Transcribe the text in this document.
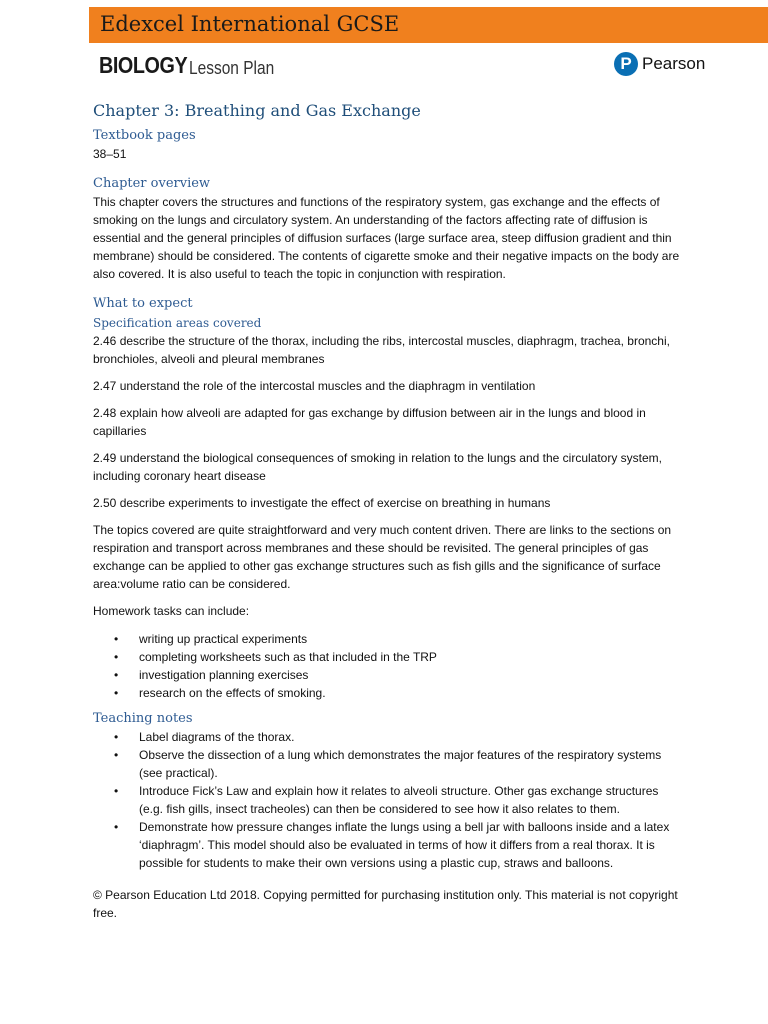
Edexcel International GCSE
BIOLOGY Lesson Plan	P Pearson
Chapter 3: Breathing and Gas Exchange
Textbook pages

38–51

Chapter overview

This chapter covers the structures and functions of the respiratory system, gas exchange and the effects of smoking on the lungs and circulatory system. An understanding of the factors affecting rate of diffusion is essential and the general principles of diffusion surfaces (large surface area, steep diffusion gradient and thin membrane) should be considered. The contents of cigarette smoke and their negative impacts on the body are also covered. It is also useful to teach the topic in conjunction with respiration.

What to expect
Specification areas covered

2.46 describe the structure of the thorax, including the ribs, intercostal muscles, diaphragm, trachea, bronchi, bronchioles, alveoli and pleural membranes

2.47 understand the role of the intercostal muscles and the diaphragm in ventilation

2.48 explain how alveoli are adapted for gas exchange by diffusion between air in the lungs and blood in capillaries

2.49 understand the biological consequences of smoking in relation to the lungs and the circulatory system, including coronary heart disease

2.50 describe experiments to investigate the effect of exercise on breathing in humans

The topics covered are quite straightforward and very much content driven. There are links to the sections on respiration and transport across membranes and these should be revisited. The general principles of gas exchange can be applied to other gas exchange structures such as fish gills and the significance of surface area:volume ratio can be considered.

Homework tasks can include:

• writing up practical experiments
• completing worksheets such as that included in the TRP
• investigation planning exercises
• research on the effects of smoking.
Teaching notes
• Label diagrams of the thorax.
• Observe the dissection of a lung which demonstrates the major features of the respiratory systems (see practical).
• Introduce Fick’s Law and explain how it relates to alveoli structure. Other gas exchange structures (e.g. fish gills, insect tracheoles) can then be considered to see how it also relates to them.
• Demonstrate how pressure changes inflate the lungs using a bell jar with balloons inside and a latex ‘diaphragm’. This model should also be evaluated in terms of how it differs from a real thorax. It is possible for students to make their own versions using a plastic cup, straws and balloons.

© Pearson Education Ltd 2018. Copying permitted for purchasing institution only. This material is not copyright free.
